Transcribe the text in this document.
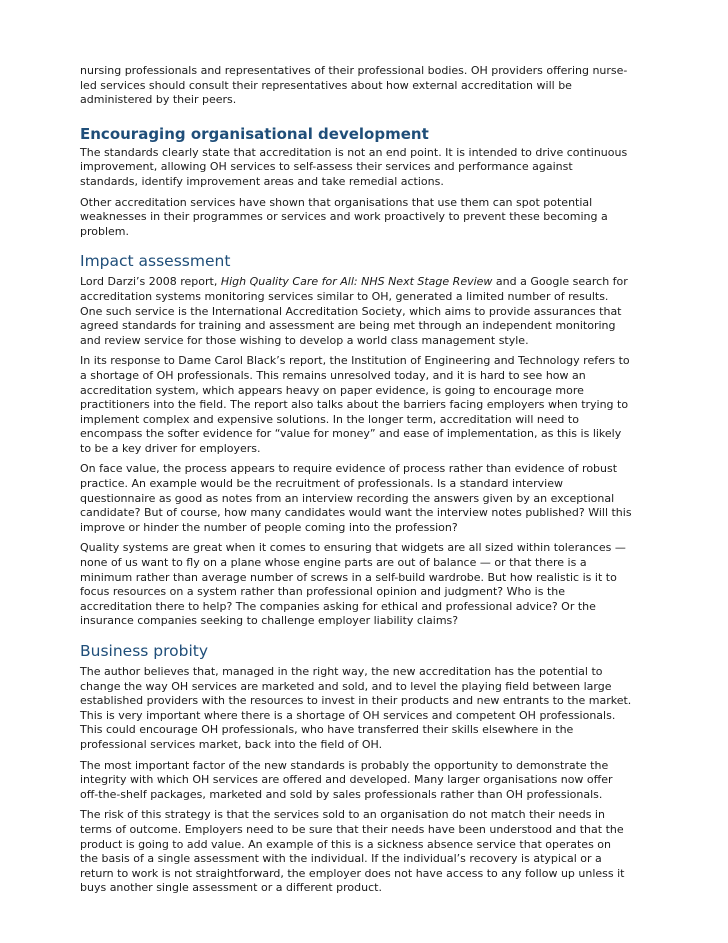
nursing professionals and representatives of their professional bodies. OH providers offering nurse-led services should consult their representatives about how external accreditation will be administered by their peers.

Encouraging organisational development

The standards clearly state that accreditation is not an end point. It is intended to drive continuous improvement, allowing OH services to self-assess their services and performance against standards, identify improvement areas and take remedial actions.

Other accreditation services have shown that organisations that use them can spot potential weaknesses in their programmes or services and work proactively to prevent these becoming a problem.

Impact assessment

Lord Darzi’s 2008 report, High Quality Care for All: NHS Next Stage Review and a Google search for accreditation systems monitoring services similar to OH, generated a limited number of results. One such service is the International Accreditation Society, which aims to provide assurances that agreed standards for training and assessment are being met through an independent monitoring and review service for those wishing to develop a world class management style.

In its response to Dame Carol Black’s report, the Institution of Engineering and Technology refers to a shortage of OH professionals. This remains unresolved today, and it is hard to see how an accreditation system, which appears heavy on paper evidence, is going to encourage more practitioners into the field. The report also talks about the barriers facing employers when trying to implement complex and expensive solutions. In the longer term, accreditation will need to encompass the softer evidence for “value for money” and ease of implementation, as this is likely to be a key driver for employers.

On face value, the process appears to require evidence of process rather than evidence of robust practice. An example would be the recruitment of professionals. Is a standard interview questionnaire as good as notes from an interview recording the answers given by an exceptional candidate? But of course, how many candidates would want the interview notes published? Will this improve or hinder the number of people coming into the profession?

Quality systems are great when it comes to ensuring that widgets are all sized within tolerances — none of us want to fly on a plane whose engine parts are out of balance — or that there is a minimum rather than average number of screws in a self-build wardrobe. But how realistic is it to focus resources on a system rather than professional opinion and judgment? Who is the accreditation there to help? The companies asking for ethical and professional advice? Or the insurance companies seeking to challenge employer liability claims?

Business probity

The author believes that, managed in the right way, the new accreditation has the potential to change the way OH services are marketed and sold, and to level the playing field between large established providers with the resources to invest in their products and new entrants to the market. This is very important where there is a shortage of OH services and competent OH professionals. This could encourage OH professionals, who have transferred their skills elsewhere in the professional services market, back into the field of OH.

The most important factor of the new standards is probably the opportunity to demonstrate the integrity with which OH services are offered and developed. Many larger organisations now offer off-the-shelf packages, marketed and sold by sales professionals rather than OH professionals.

The risk of this strategy is that the services sold to an organisation do not match their needs in terms of outcome. Employers need to be sure that their needs have been understood and that the product is going to add value. An example of this is a sickness absence service that operates on the basis of a single assessment with the individual. If the individual’s recovery is atypical or a return to work is not straightforward, the employer does not have access to any follow up unless it buys another single assessment or a different product.
